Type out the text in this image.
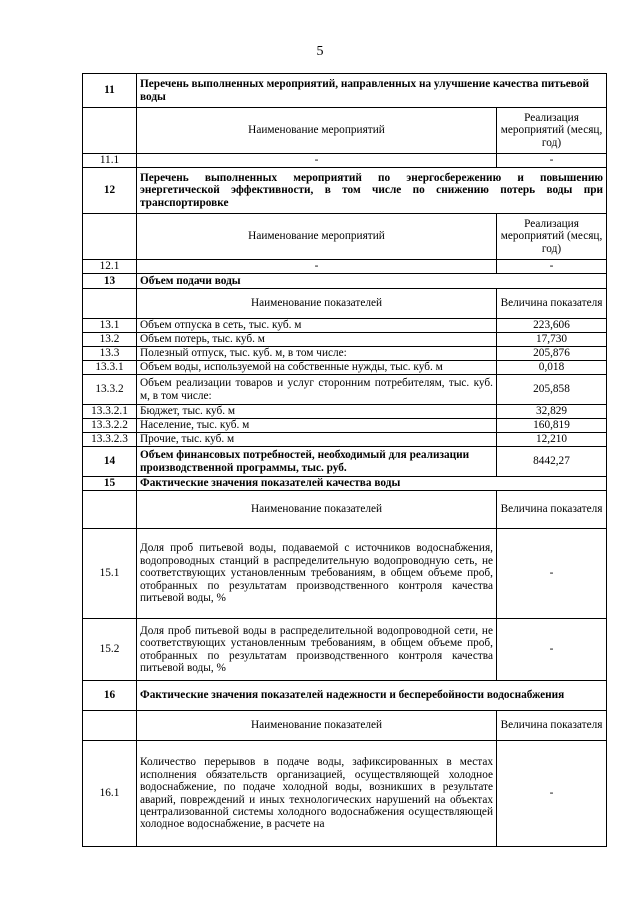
5
11	Перечень выполненных мероприятий, направленных на улучшение качества питьевой воды	
	Наименование мероприятий	Реализация мероприятий (месяц, год)
11.1	-	-
12	Перечень выполненных мероприятий по энергосбережению и повышению энергетической эффективности, в том числе по снижению потерь воды при транспортировке	
	Наименование мероприятий	Реализация мероприятий (месяц, год)
12.1	-	-
13	Объем подачи воды	
	Наименование показателей	Величина показателя
13.1	Объем отпуска в сеть, тыс. куб. м	223,606
13.2	Объем потерь, тыс. куб. м	17,730
13.3	Полезный отпуск, тыс. куб. м, в том числе:	205,876
13.3.1	Объем воды, используемой на собственные нужды, тыс. куб. м	0,018
13.3.2	Объем реализации товаров и услуг сторонним потребителям, тыс. куб. м, в том числе:	205,858
13.3.2.1	Бюджет, тыс. куб. м	32,829
13.3.2.2	Население, тыс. куб. м	160,819
13.3.2.3	Прочие, тыс. куб. м	12,210
14	Объем финансовых потребностей, необходимый для реализации производственной программы, тыс. руб.	8442,27
15	Фактические значения показателей качества воды	
	Наименование показателей	Величина показателя
15.1	Доля проб питьевой воды, подаваемой с источников водоснабжения, водопроводных станций в распределительную водопроводную сеть, не соответствующих установленным требованиям, в общем объеме проб, отобранных по результатам производственного контроля качества питьевой воды, %	-
15.2	Доля проб питьевой воды в распределительной водопроводной сети, не соответствующих установленным требованиям, в общем объеме проб, отобранных по результатам производственного контроля качества питьевой воды, %	-
16	Фактические значения показателей надежности и бесперебойности водоснабжения	
	Наименование показателей	Величина показателя
16.1	Количество перерывов в подаче воды, зафиксированных в местах исполнения обязательств организацией, осуществляющей холодное водоснабжение, по подаче холодной воды, возникших в результате аварий, повреждений и иных технологических нарушений на объектах централизованной системы холодного водоснабжения осуществляющей холодное водоснабжение, в расчете на	-
